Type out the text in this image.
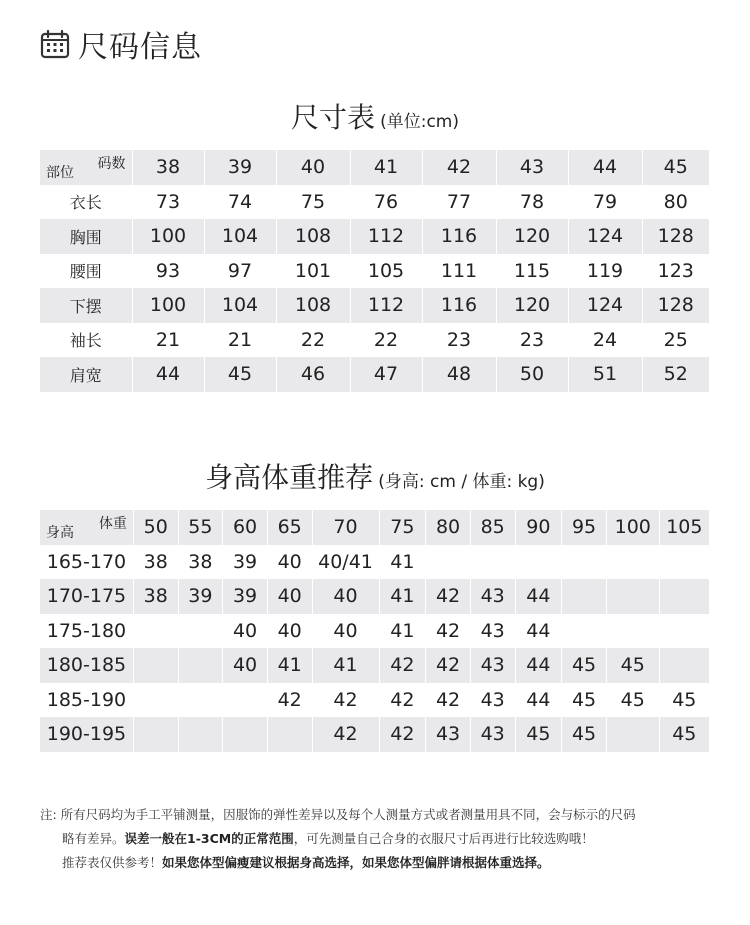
尺码信息
尺寸表 (单位:cm)
码数
部位	38	39	40	41	42	43	44	45
衣长	73	74	75	76	77	78	79	80
胸围	100	104	108	112	116	120	124	128
腰围	93	97	101	105	111	115	119	123
下摆	100	104	108	112	116	120	124	128
袖长	21	21	22	22	23	23	24	25
肩宽	44	45	46	47	48	50	51	52
身高体重推荐 (身高: cm / 体重: kg)
体重
身高	50	55	60	65	70	75	80	85	90	95	100	105
165-170	38	38	39	40	40/41	41						
170-175	38	39	39	40	40	41	42	43	44			
175-180			40	40	40	41	42	43	44			
180-185			40	41	41	42	42	43	44	45	45	
185-190				42	42	42	42	43	44	45	45	45
190-195					42	42	43	43	45	45		45
注: 所有尺码均为手工平铺测量，因服饰的弹性差异以及每个人测量方式或者测量用具不同，会与标示的尺码
略有差异。误差一般在1-3CM的正常范围，可先测量自己合身的衣服尺寸后再进行比较选购哦！
推荐表仅供参考！如果您体型偏瘦建议根据身高选择，如果您体型偏胖请根据体重选择。
